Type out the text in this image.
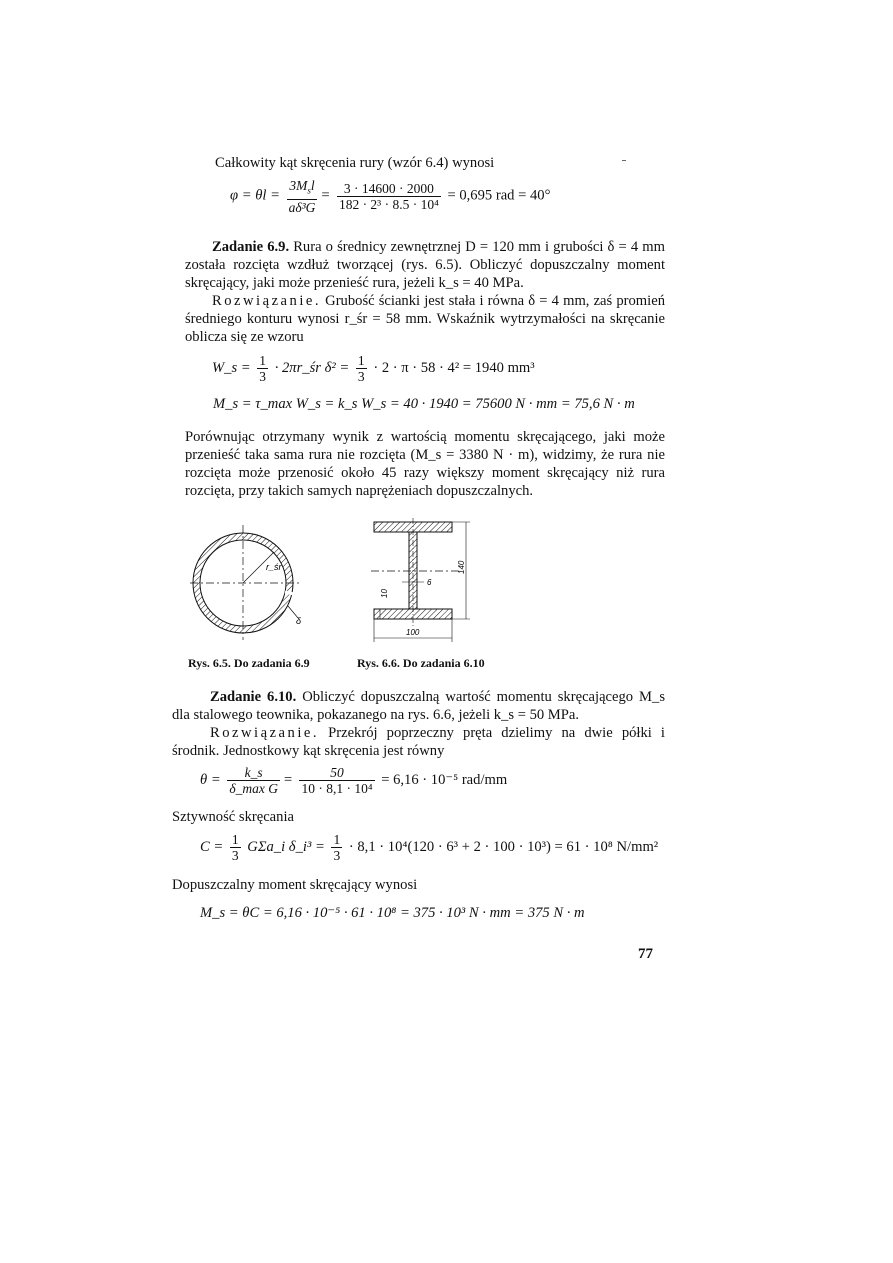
Całkowity kąt skręcenia rury (wzór 6.4) wynosi
$\varphi = \theta l = \frac{3M_sl}{\text{aδ³G}} = \frac{3 \cdot 14600 \cdot 2000}{\text{182 · 2³ · 8.5 · 10⁴}} = 0,695$ rad = 40°
Zadanie 6.9. Rura o średnicy zewnętrznej D = 120 mm i grubości δ = 4 mm została rozcięta wzdłuż tworzącej (rys. 6.5). Obliczyć dopuszczalny moment skręcający, jaki może przenieść rura, jeżeli k_s = 40 MPa.
Rozwiązanie. Grubość ścianki jest stała i równa δ = 4 mm, zaś promień średniego konturu wynosi r_śr = 58 mm. Wskaźnik wytrzymałości na skręcanie oblicza się ze wzoru
W_s = $\frac{1}{3}$ · 2πr_śr $\delta^2 = \frac{1}{3} \cdot 2 \cdot \pi \cdot 58 \cdot 4^2 = 1940$ mm³
M_s = τ_max W_s = k_s W_s = 40 · 1940 = 75600 N · mm = 75,6 N · m
Porównując otrzymany wynik z wartością momentu skręcającego, jaki może przenieść taka sama rura nie rozcięta (M_s = 3380 N · m), widzimy, że rura nie rozcięta może przenosić około 45 razy większy moment skręcający niż rura rozcięta, przy takich samych naprężeniach dopuszczalnych.
r_śr
δ
140
10
6
100
Rys. 6.5. Do zadania 6.9	Rys. 6.6. Do zadania 6.10
Zadanie 6.10. Obliczyć dopuszczalną wartość momentu skręcającego M_s dla stalowego teownika, pokazanego na rys. 6.6, jeżeli k_s = 50 MPa.
Rozwiązanie. Przekrój poprzeczny pręta dzielimy na dwie półki i środnik. Jednostkowy kąt skręcenia jest równy
$\theta = \frac{k\_s}{\text{δ\_max G}} = \frac{50}{\text{10 · 8,1 · 10⁴}} = 6,16 \cdot 10^{-5}$ rad/mm
Sztywność skręcania
$C = \frac{1}{3}$ GΣa_i δ_i³ = $\frac{1}{3} \cdot 8,1 \cdot 10^4(120 \cdot 6^3 + 2 \cdot 100 \cdot 10^3) = 61 \cdot 10^8$ N/mm²
Dopuszczalny moment skręcający wynosi
M_s = θC = 6,16 · 10⁻⁵ · 61 · 10⁸ = 375 · 10³ N · mm = 375 N · m
77
